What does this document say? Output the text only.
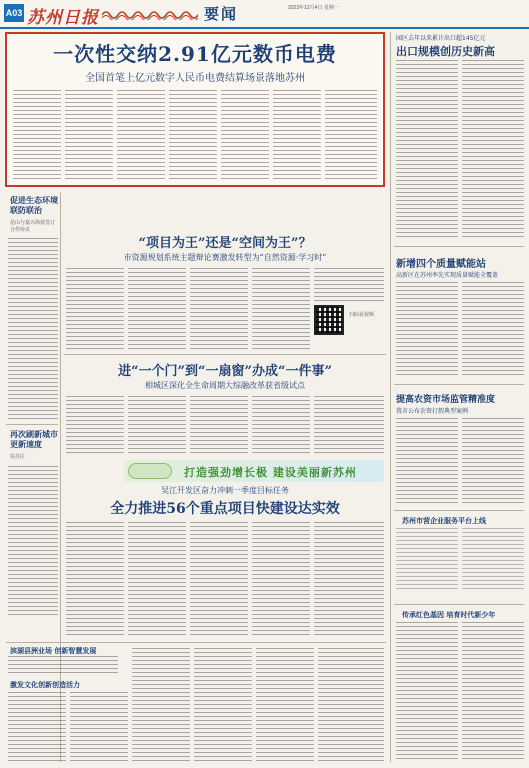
A03 苏州日报	要闻	2023年12月4日 星期一
一次性交纳2.91亿元数币电费
全国首笔上亿元数字人民币电费结算场景落地苏州
园区去年以来累计出口超145亿元
出口规模创历史新高
促进生态环境联防联治
昆山与嘉兴海盐签订合作协议
再次刷新城市更新速度
姑苏区
“项目为王”还是“空间为王”？
市资源规划系统主题辩论赛激发转型为“自然资源·学习时”
扫码看视频
新增四个质量赋能站
高新区在苏州率先实现质量赋能全覆盖
进“一个门”到“一扇窗”办成“一件事”
相城区深化全生命周期大综融改革获省级试点
提高农资市场监管精准度
我市公布农资打假典型案例
打造强劲增长极 建设美丽新苏州
吴江开发区奋力冲刺一季度目标任务
全力推进56个重点项目快建设达实效
苏州市营企业服务平台上线
传承红色基因 培育时代新少年
滨湖县洲业场 创新智慧发展
激发文化创新创造活力
